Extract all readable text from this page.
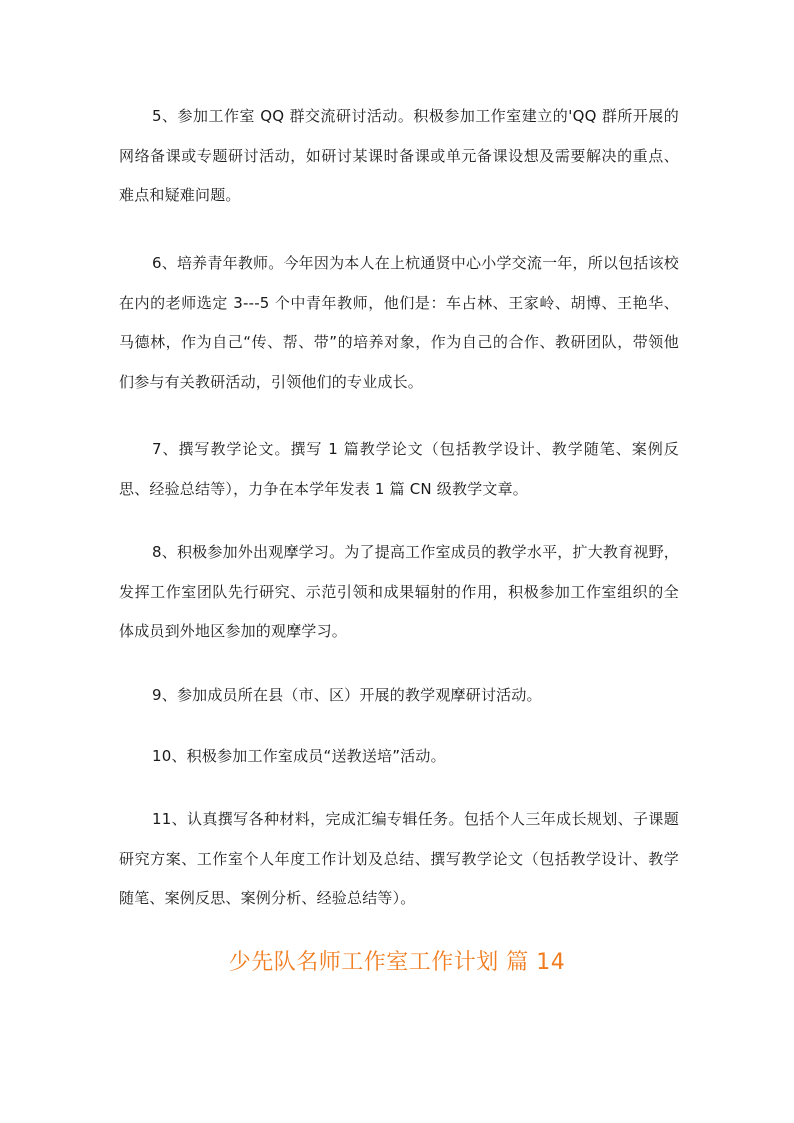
5、参加工作室 QQ 群交流研讨活动。积极参加工作室建立的'QQ 群所开展的网络备课或专题研讨活动，如研讨某课时备课或单元备课设想及需要解决的重点、难点和疑难问题。

6、培养青年教师。今年因为本人在上杭通贤中心小学交流一年，所以包括该校在内的老师选定 3---5 个中青年教师，他们是：车占林、王家岭、胡博、王艳华、马德林，作为自己“传、帮、带”的培养对象，作为自己的合作、教研团队，带领他们参与有关教研活动，引领他们的专业成长。

7、撰写教学论文。撰写 1 篇教学论文（包括教学设计、教学随笔、案例反思、经验总结等），力争在本学年发表 1 篇 CN 级教学文章。

8、积极参加外出观摩学习。为了提高工作室成员的教学水平，扩大教育视野，发挥工作室团队先行研究、示范引领和成果辐射的作用，积极参加工作室组织的全体成员到外地区参加的观摩学习。

9、参加成员所在县（市、区）开展的教学观摩研讨活动。

10、积极参加工作室成员“送教送培”活动。

11、认真撰写各种材料，完成汇编专辑任务。包括个人三年成长规划、子课题研究方案、工作室个人年度工作计划及总结、撰写教学论文（包括教学设计、教学随笔、案例反思、案例分析、经验总结等）。

少先队名师工作室工作计划 篇 14
